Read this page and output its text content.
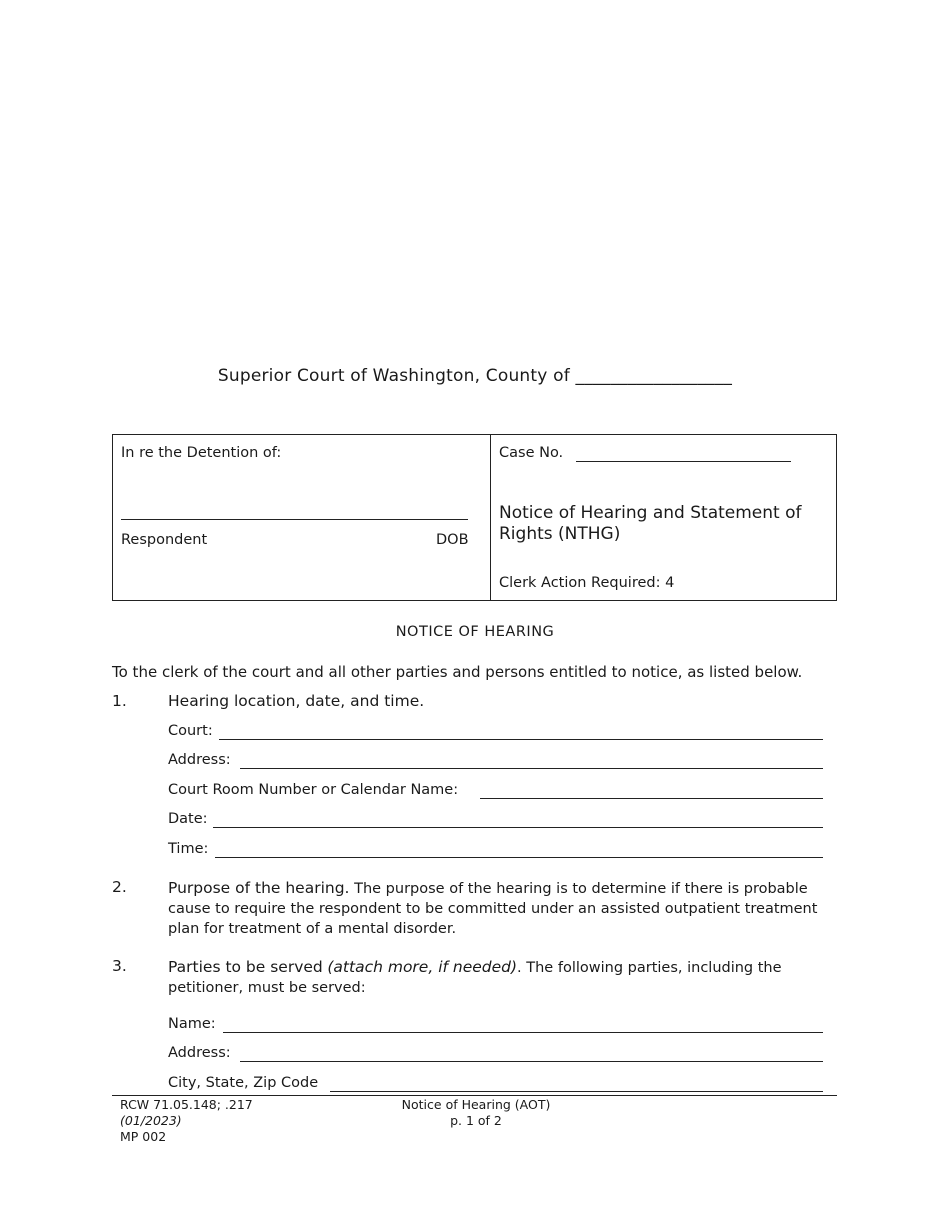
Superior Court of Washington, County of __________________
In re the Detention of:
Respondent	DOB
Case No.
Notice of Hearing and Statement of Rights (NTHG)
Clerk Action Required: 4
NOTICE OF HEARING
To the clerk of the court and all other parties and persons entitled to notice, as listed below.
1.	Hearing location, date, and time.
Court:
Address:
Court Room Number or Calendar Name:
Date:
Time:
2.	Purpose of the hearing. The purpose of the hearing is to determine if there is probable
cause to require the respondent to be committed under an assisted outpatient treatment
plan for treatment of a mental disorder.
3.	Parties to be served (attach more, if needed). The following parties, including the
petitioner, must be served:
Name:
Address:
City, State, Zip Code
RCW 71.05.148; .217
(01/2023)
MP 002
Notice of Hearing (AOT)
p. 1 of 2
